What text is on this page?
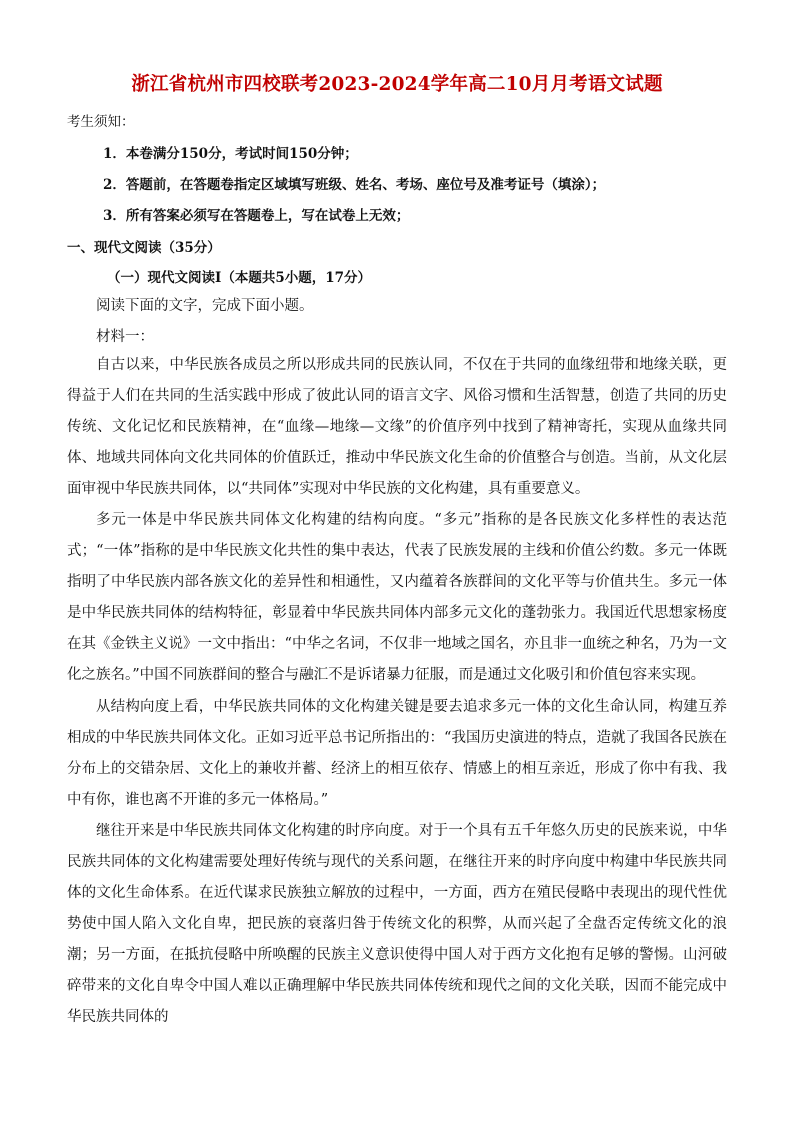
浙江省杭州市四校联考2023-2024学年高二10月月考语文试题
考生须知：
1．本卷满分150分，考试时间150分钟；
2．答题前，在答题卷指定区域填写班级、姓名、考场、座位号及准考证号（填涂）；
3．所有答案必须写在答题卷上，写在试卷上无效；
一、现代文阅读（35分）
（一）现代文阅读Ⅰ（本题共5小题，17分）
阅读下面的文字，完成下面小题。
材料一：

自古以来，中华民族各成员之所以形成共同的民族认同，不仅在于共同的血缘纽带和地缘关联，更得益于人们在共同的生活实践中形成了彼此认同的语言文字、风俗习惯和生活智慧，创造了共同的历史传统、文化记忆和民族精神，在“血缘—地缘—文缘”的价值序列中找到了精神寄托，实现从血缘共同体、地域共同体向文化共同体的价值跃迁，推动中华民族文化生命的价值整合与创造。当前，从文化层面审视中华民族共同体，以“共同体”实现对中华民族的文化构建，具有重要意义。

多元一体是中华民族共同体文化构建的结构向度。“多元”指称的是各民族文化多样性的表达范式；“一体”指称的是中华民族文化共性的集中表达，代表了民族发展的主线和价值公约数。多元一体既指明了中华民族内部各族文化的差异性和相通性，又内蕴着各族群间的文化平等与价值共生。多元一体是中华民族共同体的结构特征，彰显着中华民族共同体内部多元文化的蓬勃张力。我国近代思想家杨度在其《金铁主义说》一文中指出：“中华之名词，不仅非一地域之国名，亦且非一血统之种名，乃为一文化之族名。”中国不同族群间的整合与融汇不是诉诸暴力征服，而是通过文化吸引和价值包容来实现。

从结构向度上看，中华民族共同体的文化构建关键是要去追求多元一体的文化生命认同，构建互养相成的中华民族共同体文化。正如习近平总书记所指出的：“我国历史演进的特点，造就了我国各民族在分布上的交错杂居、文化上的兼收并蓄、经济上的相互依存、情感上的相互亲近，形成了你中有我、我中有你，谁也离不开谁的多元一体格局。”

继往开来是中华民族共同体文化构建的时序向度。对于一个具有五千年悠久历史的民族来说，中华民族共同体的文化构建需要处理好传统与现代的关系问题，在继往开来的时序向度中构建中华民族共同体的文化生命体系。在近代谋求民族独立解放的过程中，一方面，西方在殖民侵略中表现出的现代性优势使中国人陷入文化自卑，把民族的衰落归咎于传统文化的积弊，从而兴起了全盘否定传统文化的浪潮；另一方面，在抵抗侵略中所唤醒的民族主义意识使得中国人对于西方文化抱有足够的警惕。山河破碎带来的文化自卑令中国人难以正确理解中华民族共同体传统和现代之间的文化关联，因而不能完成中华民族共同体的
